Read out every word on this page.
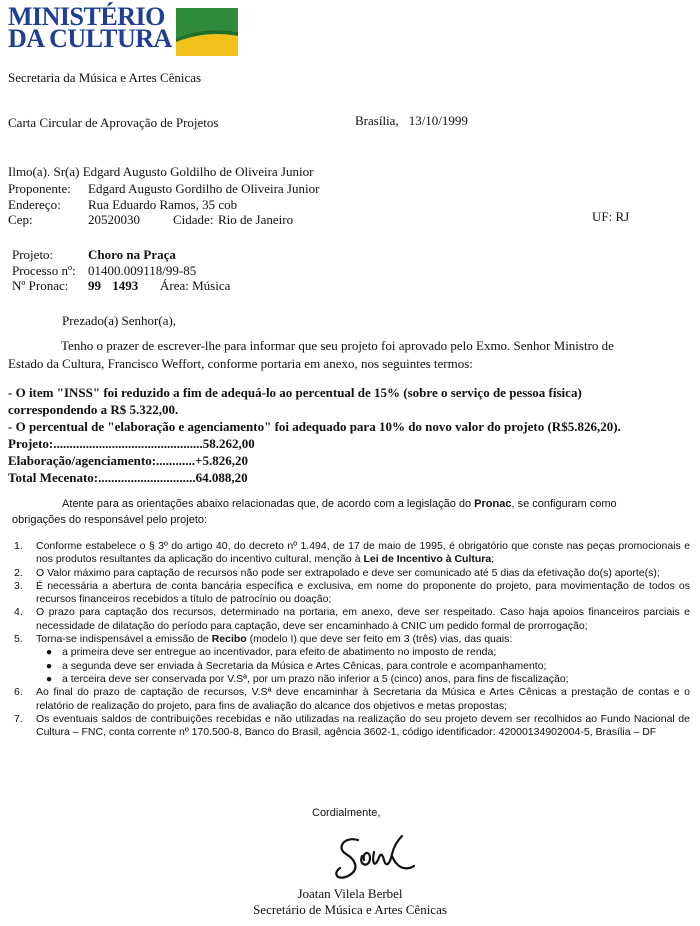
MINISTÉRIO
DA CULTURA
Secretaria da Música e Artes Cênicas
Carta Circular de Aprovação de Projetos	Brasília, 13/10/1999
Ilmo(a). Sr(a) Edgard Augusto Goldilho de Oliveira Junior
Proponente: Edgard Augusto Gordilho de Oliveira Junior
Endereço: Rua Eduardo Ramos, 35 cob
Cep:	20520030	Cidade: Rio de Janeiro	UF: RJ
Projeto:	Choro na Praça
Processo nº: 01400.009118/99-85
Nº Pronac: 99 1493 Área: Música
Prezado(a) Senhor(a),
Tenho o prazer de escrever-lhe para informar que seu projeto foi aprovado pelo Exmo. Senhor Ministro de
Estado da Cultura, Francisco Weffort, conforme portaria em anexo, nos seguintes termos:
- O item "INSS" foi reduzido a fim de adequá-lo ao percentual de 15% (sobre o serviço de pessoa física)
correspondendo a R$ 5.322,00.
- O percentual de "elaboração e agenciamento" foi adequado para 10% do novo valor do projeto (R$5.826,20).
Projeto:..............................................58.262,00
Elaboração/agenciamento:............+5.826,20
Total Mecenato:..............................64.088,20
Atente para as orientações abaixo relacionadas que, de acordo com a legislação do Pronac, se configuram como
obrigações do responsável pelo projeto:
1.	Conforme estabelece o § 3º do artigo 40, do decreto nº 1.494, de 17 de maio de 1995, é obrigatório que conste nas peças promocionais e nos produtos resultantes da aplicação do incentivo cultural, menção à Lei de Incentivo à Cultura;
2.	O Valor máximo para captação de recursos não pode ser extrapolado e deve ser comunicado até 5 dias da efetivação do(s) aporte(s);
3.	É necessária a abertura de conta bancária específica e exclusiva, em nome do proponente do projeto, para movimentação de todos os recursos financeiros recebidos a título de patrocínio ou doação;
4.	O prazo para captação dos recursos, determinado na portaria, em anexo, deve ser respeitado. Caso haja apoios financeiros parciais e necessidade de dilatação do período para captação, deve ser encaminhado à CNIC um pedido formal de prorrogação;
5.	Torna-se indispensável a emissão de Recibo (modelo I) que deve ser feito em 3 (três) vias, das quais:
● a primeira deve ser entregue ao incentivador, para efeito de abatimento no imposto de renda;
● a segunda deve ser enviada à Secretaria da Música e Artes Cênicas, para controle e acompanhamento;
● a terceira deve ser conservada por V.Sª, por um prazo não inferior a 5 (cinco) anos, para fins de fiscalização;
6.	Ao final do prazo de captação de recursos, V.Sª deve encaminhar à Secretaria da Música e Artes Cênicas a prestação de contas e o relatório de realização do projeto, para fins de avaliação do alcance dos objetivos e metas propostas;
7.	Os eventuais saldos de contribuições recebidas e não utilizadas na realização do seu projeto devem ser recolhidos ao Fundo Nacional de Cultura – FNC, conta corrente nº 170.500-8, Banco do Brasil, agência 3602-1, código identificador: 42000134902004-5, Brasília – DF
Cordialmente,
Joatan Vilela Berbel
Secretário de Música e Artes Cênicas
